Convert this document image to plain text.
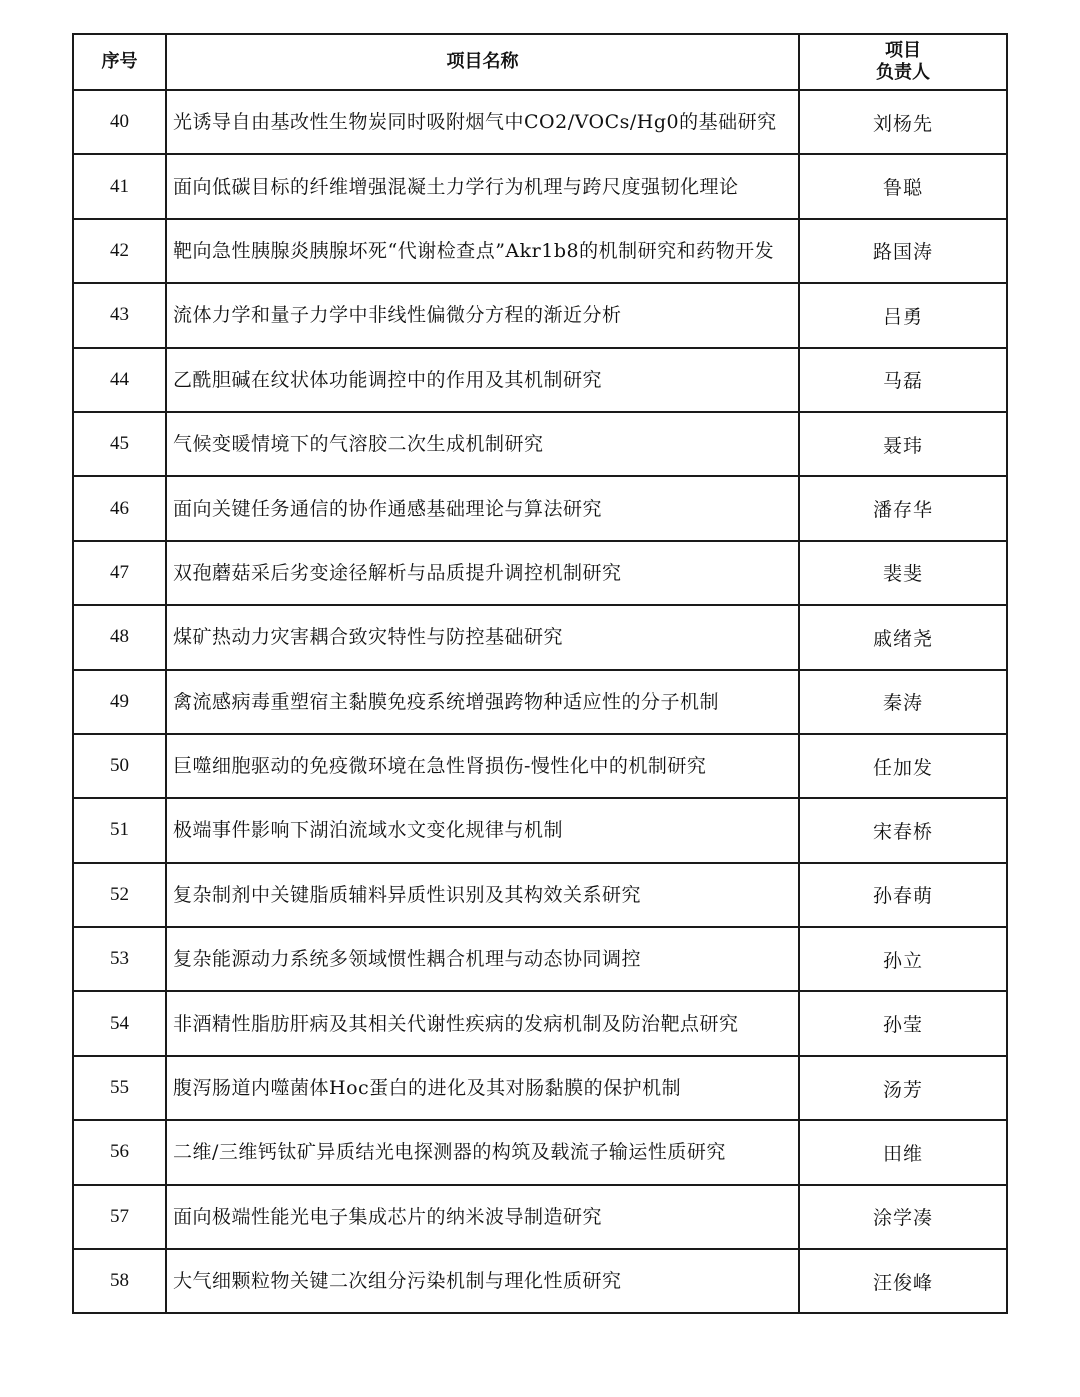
序号	项目名称	项目
负责人

40	光诱导自由基改性生物炭同时吸附烟气中CO2/VOCs/Hg0的基础研究	刘杨先
41	面向低碳目标的纤维增强混凝土力学行为机理与跨尺度强韧化理论	鲁聪
42	靶向急性胰腺炎胰腺坏死“代谢检查点”Akr1b8的机制研究和药物开发	路国涛
43	流体力学和量子力学中非线性偏微分方程的渐近分析	吕勇
44	乙酰胆碱在纹状体功能调控中的作用及其机制研究	马磊
45	气候变暖情境下的气溶胶二次生成机制研究	聂玮
46	面向关键任务通信的协作通感基础理论与算法研究	潘存华
47	双孢蘑菇采后劣变途径解析与品质提升调控机制研究	裴斐
48	煤矿热动力灾害耦合致灾特性与防控基础研究	戚绪尧
49	禽流感病毒重塑宿主黏膜免疫系统增强跨物种适应性的分子机制	秦涛
50	巨噬细胞驱动的免疫微环境在急性肾损伤-慢性化中的机制研究	任加发
51	极端事件影响下湖泊流域水文变化规律与机制	宋春桥
52	复杂制剂中关键脂质辅料异质性识别及其构效关系研究	孙春萌
53	复杂能源动力系统多领域惯性耦合机理与动态协同调控	孙立
54	非酒精性脂肪肝病及其相关代谢性疾病的发病机制及防治靶点研究	孙莹
55	腹泻肠道内噬菌体Hoc蛋白的进化及其对肠黏膜的保护机制	汤芳
56	二维/三维钙钛矿异质结光电探测器的构筑及载流子输运性质研究	田维
57	面向极端性能光电子集成芯片的纳米波导制造研究	涂学凑
58	大气细颗粒物关键二次组分污染机制与理化性质研究	汪俊峰
